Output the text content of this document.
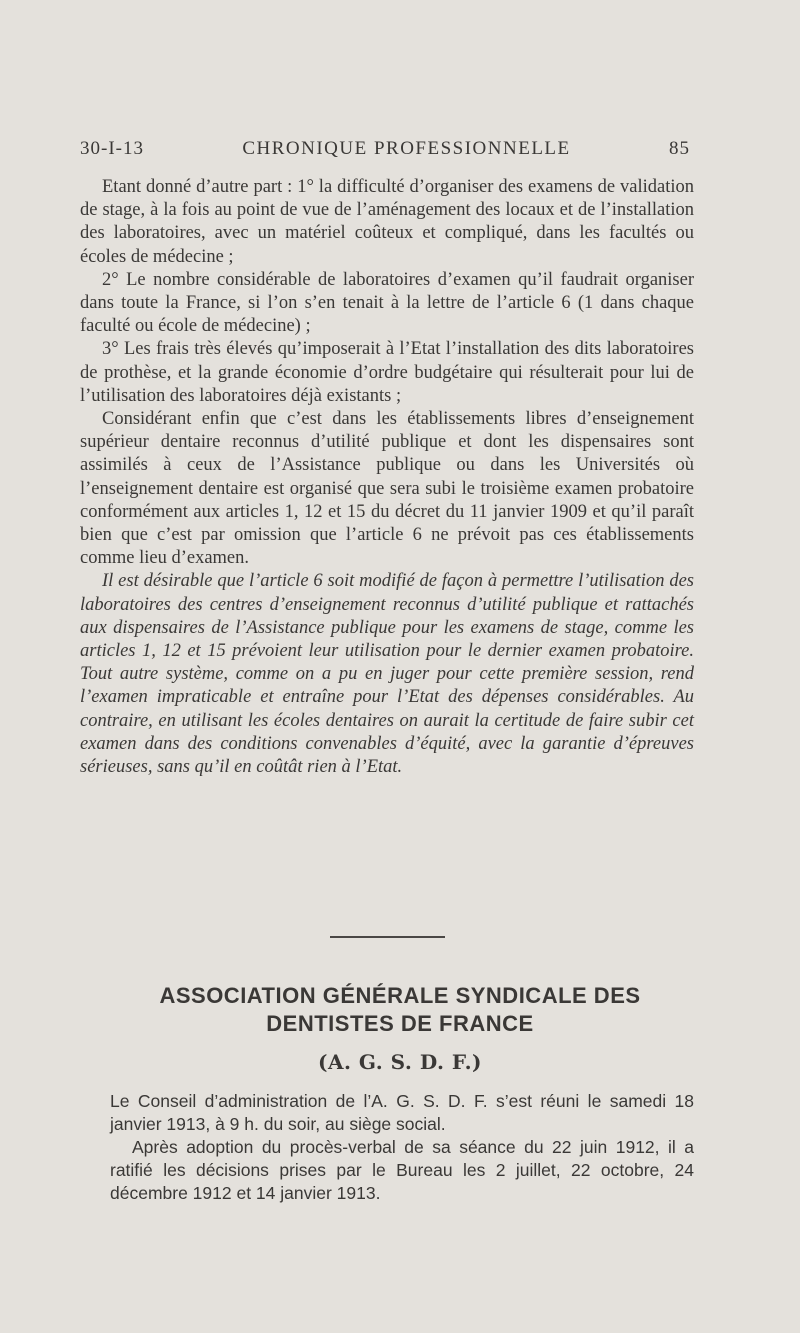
30-I-13	CHRONIQUE PROFESSIONNELLE	85

Etant donné d’autre part : 1° la difficulté d’organiser des examens de validation de stage, à la fois au point de vue de l’aménagement des locaux et de l’installation des laboratoires, avec un matériel coûteux et compliqué, dans les facultés ou écoles de médecine ;

2° Le nombre considérable de laboratoires d’examen qu’il faudrait organiser dans toute la France, si l’on s’en tenait à la lettre de l’article 6 (1 dans chaque faculté ou école de médecine) ;

3° Les frais très élevés qu’imposerait à l’Etat l’installation des dits laboratoires de prothèse, et la grande économie d’ordre budgétaire qui résulterait pour lui de l’utilisation des laboratoires déjà existants ;

Considérant enfin que c’est dans les établissements libres d’enseignement supérieur dentaire reconnus d’utilité publique et dont les dispensaires sont assimilés à ceux de l’Assistance publique ou dans les Universités où l’enseignement dentaire est organisé que sera subi le troisième examen probatoire conformément aux articles 1, 12 et 15 du décret du 11 janvier 1909 et qu’il paraît bien que c’est par omission que l’article 6 ne prévoit pas ces établissements comme lieu d’examen.

Il est désirable que l’article 6 soit modifié de façon à permettre l’utilisation des laboratoires des centres d’enseignement reconnus d’utilité publique et rattachés aux dispensaires de l’Assistance publique pour les examens de stage, comme les articles 1, 12 et 15 prévoient leur utilisation pour le dernier examen probatoire. Tout autre système, comme on a pu en juger pour cette première session, rend l’examen impraticable et entraîne pour l’Etat des dépenses considérables. Au contraire, en utilisant les écoles dentaires on aurait la certitude de faire subir cet examen dans des conditions convenables d’équité, avec la garantie d’épreuves sérieuses, sans qu’il en coûtât rien à l’Etat.

ASSOCIATION GÉNÉRALE SYNDICALE DES
DENTISTES DE FRANCE
(A. G. S. D. F.)

Le Conseil d’administration de l’A. G. S. D. F. s’est réuni le samedi 18 janvier 1913, à 9 h. du soir, au siège social.

Après adoption du procès-verbal de sa séance du 22 juin 1912, il a ratifié les décisions prises par le Bureau les 2 juillet, 22 octobre, 24 décembre 1912 et 14 janvier 1913.
